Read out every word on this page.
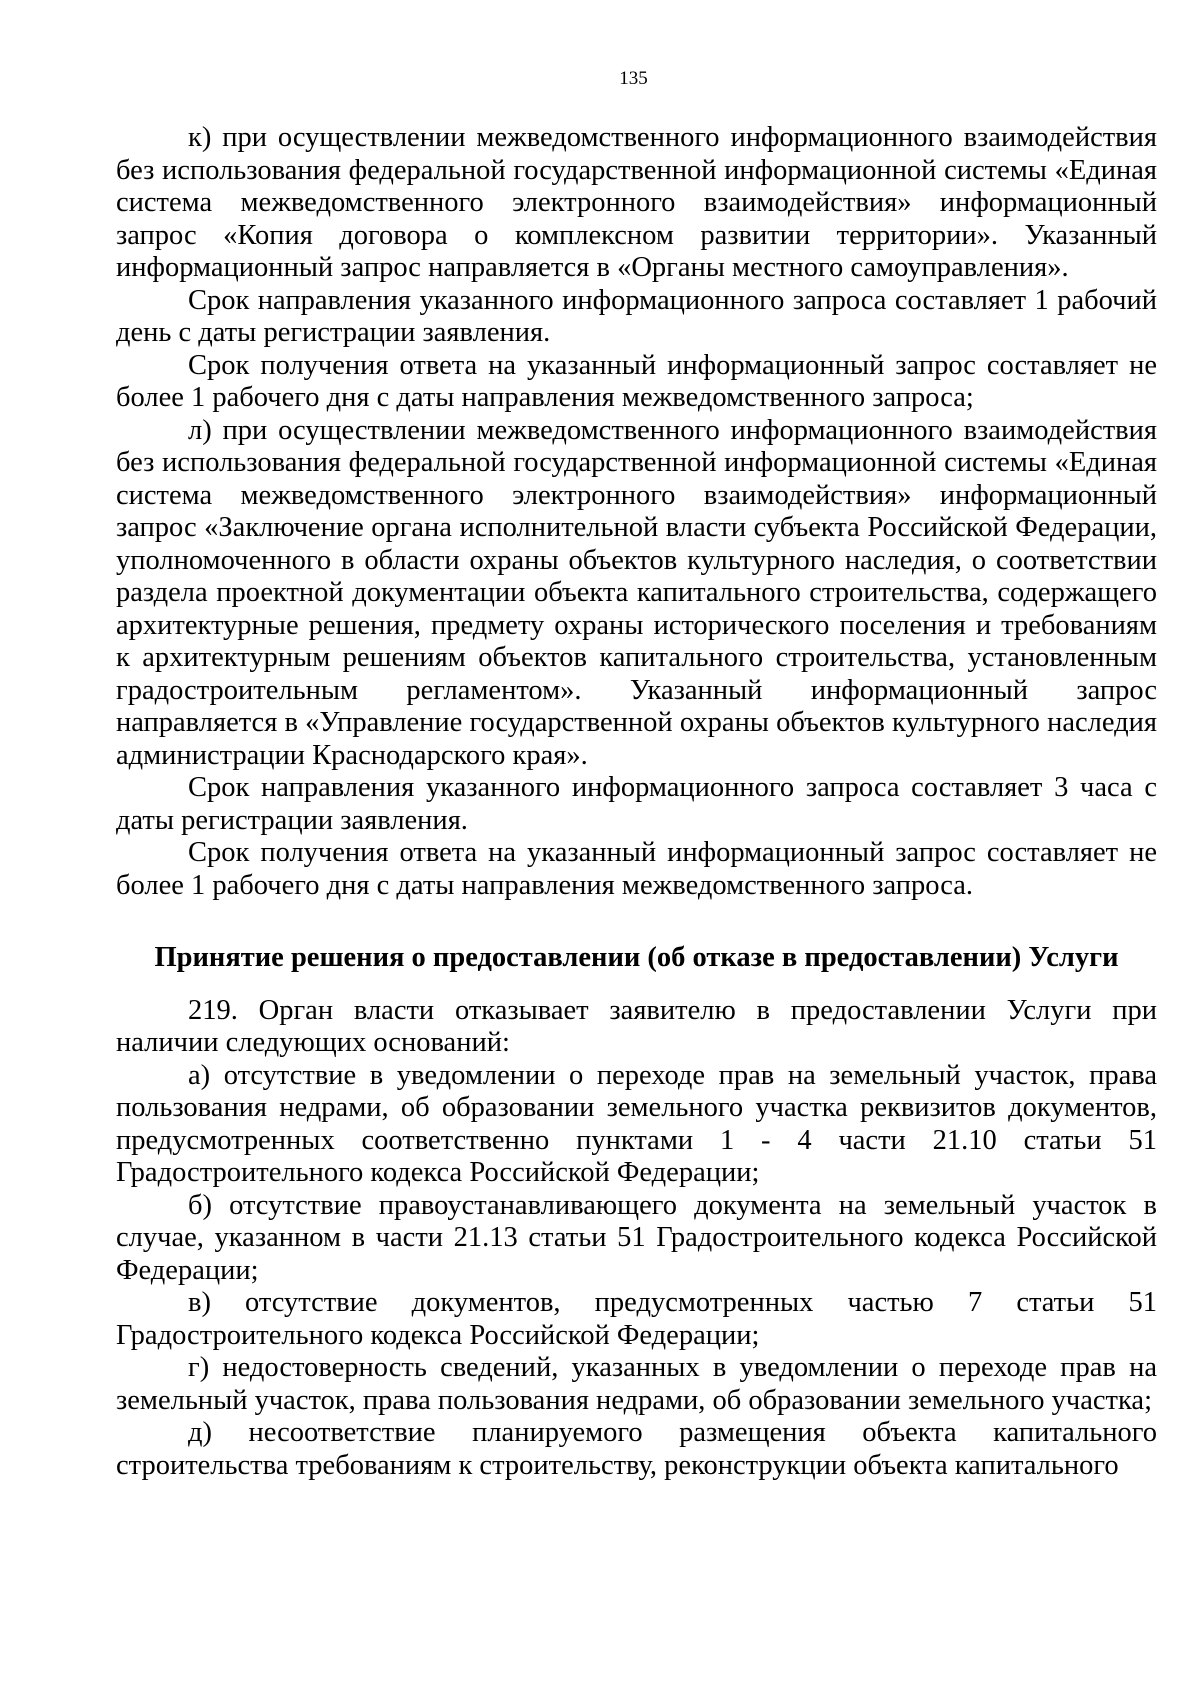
135

к) при осуществлении межведомственного информационного взаимодействия без использования федеральной государственной информационной системы «Единая система межведомственного электронного взаимодействия» информационный запрос «Копия договора о комплексном развитии территории». Указанный информационный запрос направляется в «Органы местного самоуправления».

Срок направления указанного информационного запроса составляет 1 рабочий день с даты регистрации заявления.

Срок получения ответа на указанный информационный запрос составляет не более 1 рабочего дня с даты направления межведомственного запроса;

л) при осуществлении межведомственного информационного взаимодействия без использования федеральной государственной информационной системы «Единая система межведомственного электронного взаимодействия» информационный запрос «Заключение органа исполнительной власти субъекта Российской Федерации, уполномоченного в области охраны объектов культурного наследия, о соответствии раздела проектной документации объекта капитального строительства, содержащего архитектурные решения, предмету охраны исторического поселения и требованиям к архитектурным решениям объектов капитального строительства, установленным градостроительным регламентом». Указанный информационный запрос направляется в «Управление государственной охраны объектов культурного наследия администрации Краснодарского края».

Срок направления указанного информационного запроса составляет 3 часа с даты регистрации заявления.

Срок получения ответа на указанный информационный запрос составляет не более 1 рабочего дня с даты направления межведомственного запроса.

Принятие решения о предоставлении (об отказе в предоставлении) Услуги

219. Орган власти отказывает заявителю в предоставлении Услуги при наличии следующих оснований:

а) отсутствие в уведомлении о переходе прав на земельный участок, права пользования недрами, об образовании земельного участка реквизитов документов, предусмотренных соответственно пунктами 1 - 4 части 21.10 статьи 51 Градостроительного кодекса Российской Федерации;

б) отсутствие правоустанавливающего документа на земельный участок в случае, указанном в части 21.13 статьи 51 Градостроительного кодекса Российской Федерации;

в) отсутствие документов, предусмотренных частью 7 статьи 51 Градостроительного кодекса Российской Федерации;

г) недостоверность сведений, указанных в уведомлении о переходе прав на земельный участок, права пользования недрами, об образовании земельного участка;

д) несоответствие планируемого размещения объекта капитального строительства требованиям к строительству, реконструкции объекта капитального
